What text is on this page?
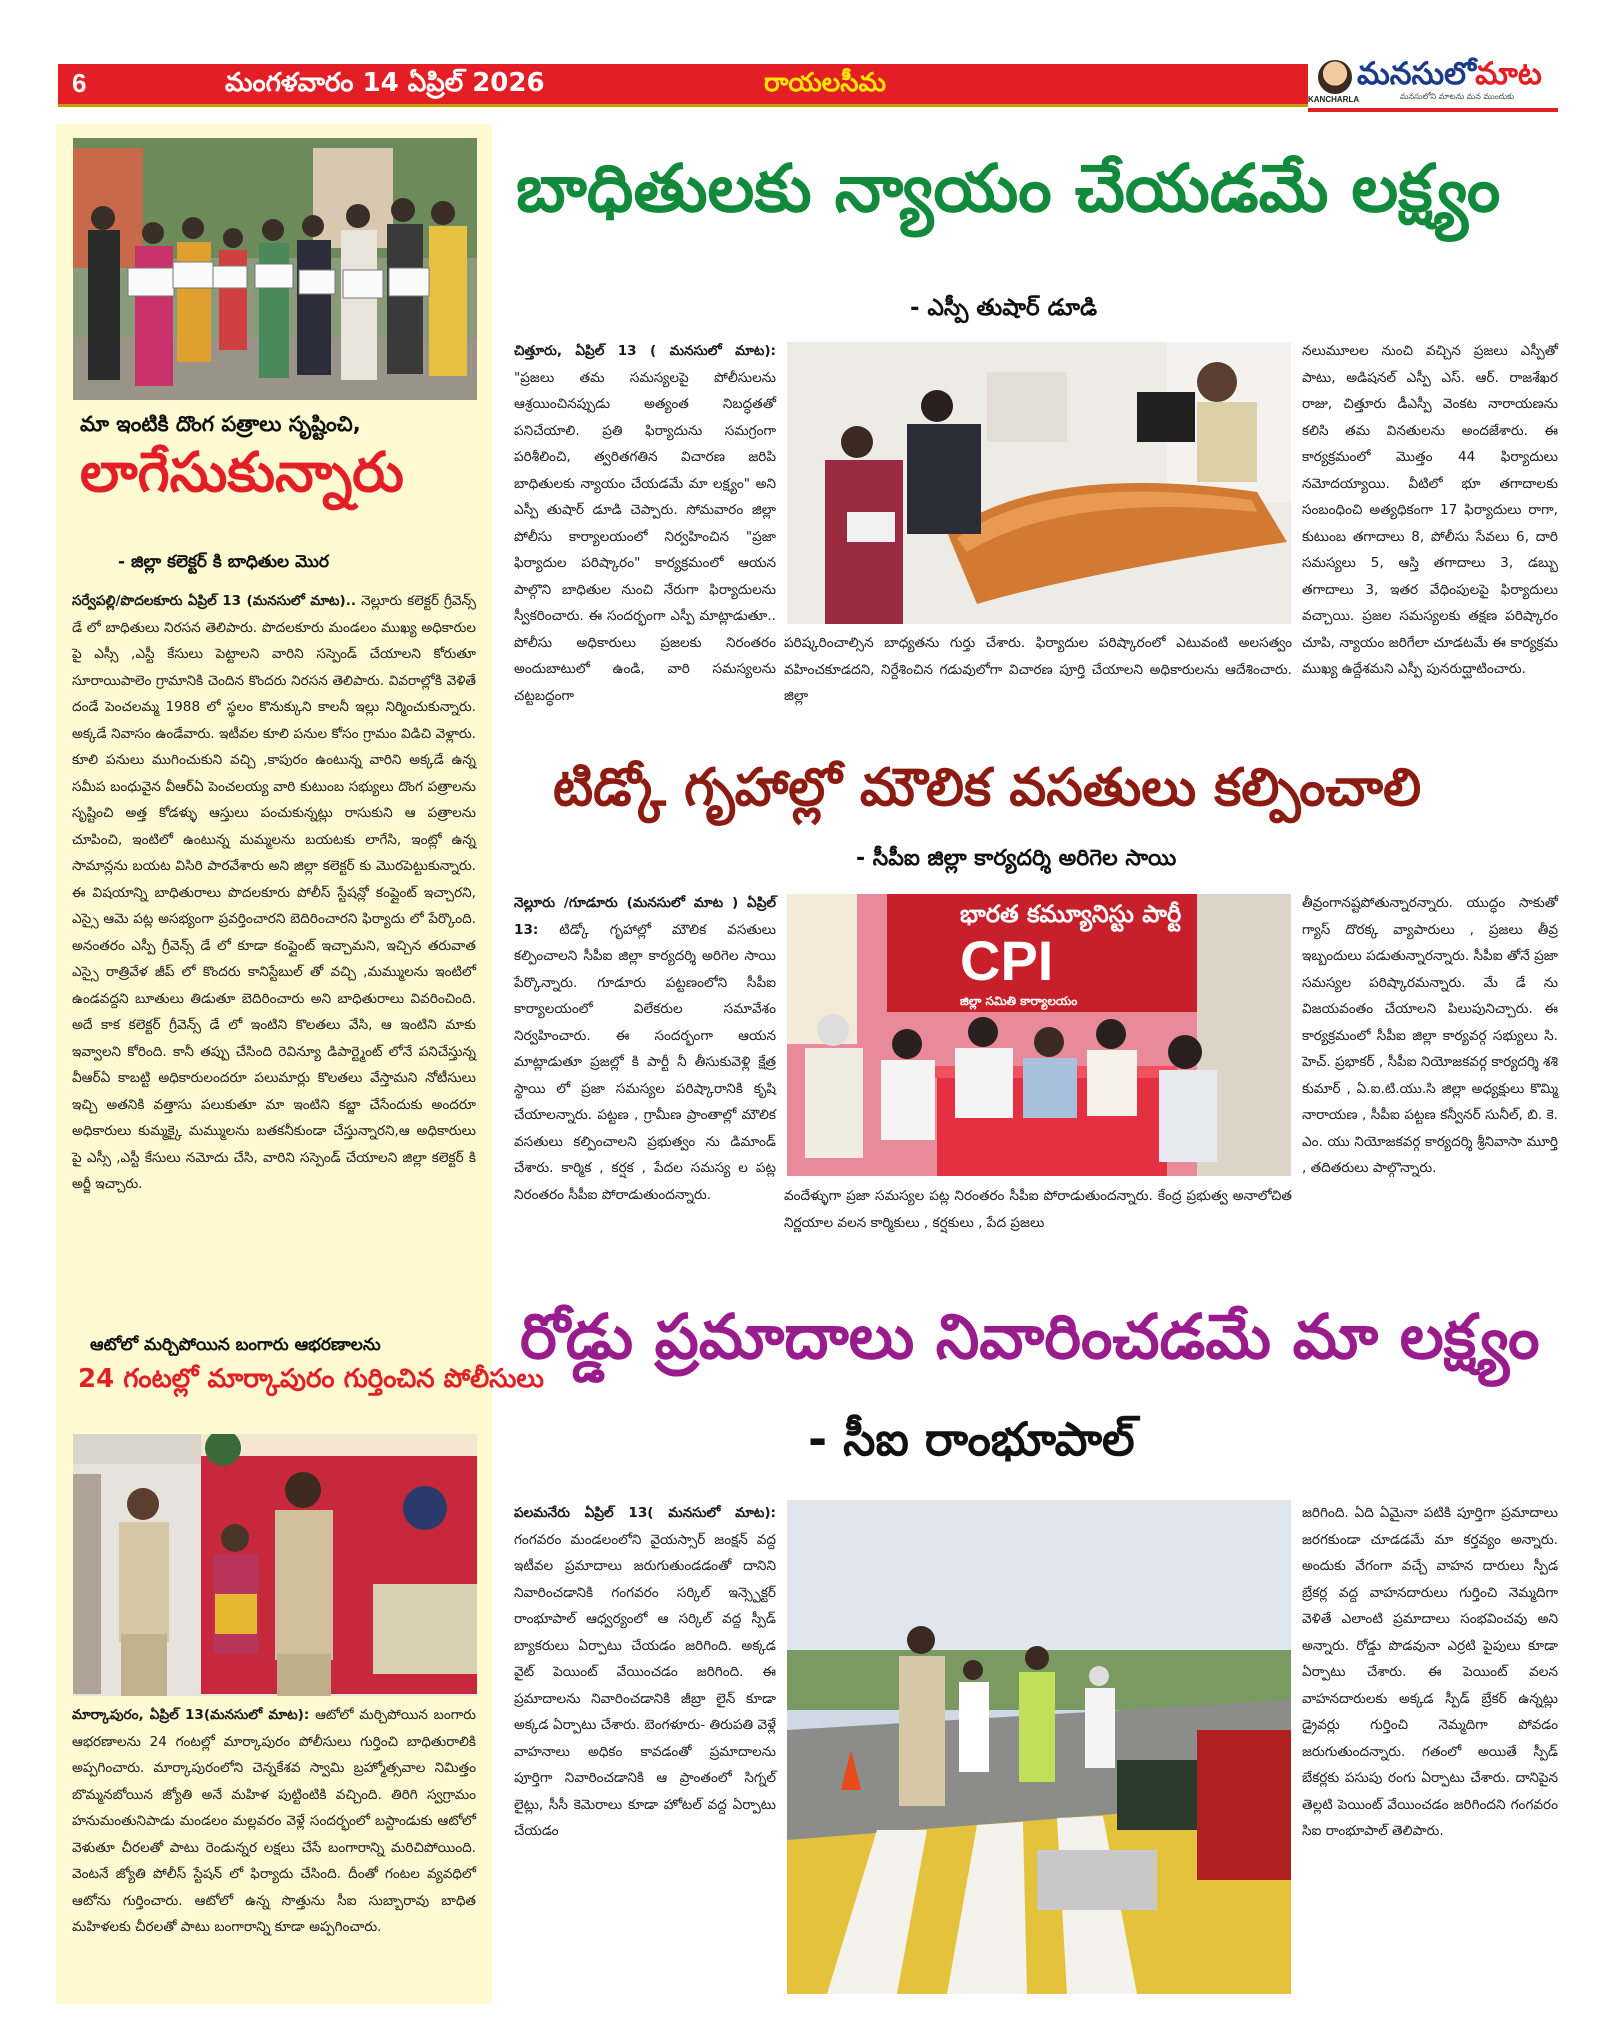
6	మంగళవారం 14 ఏప్రిల్ 2026	రాయలసీమ
KANCHARLA
మనసులోమాట
మనసులోని మాటను మన ముందుకు
మా ఇంటికి దొంగ పత్రాలు సృష్టించి,
లాగేసుకున్నారు
- జిల్లా కలెక్టర్ కి బాధితుల మొర
సర్వేపల్లి/పొదలకూరు ఏప్రిల్ 13 (మనసులో మాట).. నెల్లూరు కలెక్టర్ గ్రీవెన్స్ డే లో బాధితులు నిరసన తెలిపారు. పొదలకూరు మండలం ముఖ్య అధికారుల పై ఎస్సీ ,ఎస్టీ కేసులు పెట్టాలని వారిని సస్పెండ్ చేయాలని కోరుతూ సూరాయిపాలెం గ్రామానికి చెందిన కొందరు నిరసన తెలిపారు. వివరాల్లోకి వెళితే దండే పెంచలమ్మ 1988 లో స్థలం కొనుక్కుని కాలనీ ఇల్లు నిర్మించుకున్నారు. అక్కడే నివాసం ఉండేవారు. ఇటీవల కూలి పనుల కోసం గ్రామం విడిచి వెళ్లారు. కూలి పనులు ముగించుకుని వచ్చి ,కాపురం ఉంటున్న వారిని అక్కడే ఉన్న సమీప బంధువైన వీఆర్ఏ పెంచలయ్య వారి కుటుంబ సభ్యులు దొంగ పత్రాలను సృష్టించి అత్త కోడళ్ళు ఆస్తులు పంచుకున్నట్లు రాసుకుని ఆ పత్రాలను చూపించి, ఇంటిలో ఉంటున్న మమ్మలను బయటకు లాగేసి, ఇంట్లో ఉన్న సామాన్లను బయట విసిరి పారవేశారు అని జిల్లా కలెక్టర్ కు మొరపెట్టుకున్నారు. ఈ విషయాన్ని బాధితురాలు పొదలకూరు పోలీస్ స్టేషన్లో కంప్లైంట్ ఇచ్చారని, ఎస్సై ఆమె పట్ల అసభ్యంగా ప్రవర్తించారని బెదిరించారని ఫిర్యాదు లో పేర్కొంది. అనంతరం ఎస్పీ గ్రీవెన్స్ డే లో కూడా కంప్లైంట్ ఇచ్చామని, ఇచ్చిన తరువాత ఎస్సై రాత్రివేళ జీప్ లో కొందరు కానిస్టేబుల్ తో వచ్చి ,మమ్ములను ఇంటిలో ఉండవద్దని బూతులు తిడుతూ బెదిరించారు అని బాధితురాలు వివరించింది. అదే కాక కలెక్టర్ గ్రీవెన్స్ డే లో ఇంటిని కొలతలు వేసి, ఆ ఇంటిని మాకు ఇవ్వాలని కోరింది. కానీ తప్పు చేసింది రెవిన్యూ డిపార్ట్మెంట్ లోనే పనిచేస్తున్న వీఆర్ఏ కాబట్టి అధికారులందరూ పలుమార్లు కొలతలు వేస్తామని నోటీసులు ఇచ్చి అతనికి వత్తాసు పలుకుతూ మా ఇంటిని కబ్జా చేసేందుకు అందరూ అధికారులు కుమ్మక్కై మమ్ములను బతకనీకుండా చేస్తున్నారని,ఆ అధికారులు పై ఎస్సీ ,ఎస్టీ కేసులు నమోదు చేసి, వారిని సస్పెండ్ చేయాలని జిల్లా కలెక్టర్ కి అర్జీ ఇచ్చారు.
ఆటోలో మర్చిపోయిన బంగారు ఆభరణాలను
24 గంటల్లో మార్కాపురం గుర్తించిన పోలీసులు
మార్కాపురం, ఏప్రిల్ 13(మనసులో మాట): ఆటోలో మర్చిపోయిన బంగారు ఆభరణాలను 24 గంటల్లో మార్కాపురం పోలీసులు గుర్తించి బాధితురాలికి అప్పగించారు. మార్కాపురంలోని చెన్నకేశవ స్వామి బ్రహ్మోత్సవాల నిమిత్తం బొమ్మనబోయిన జ్యోతి అనే మహిళ పుట్టింటికి వచ్చింది. తిరిగి స్వగ్రామం హనుమంతునిపాడు మండలం మల్లవరం వెళ్లే సందర్భంలో బస్టాండుకు ఆటోలో వెళుతూ చీరలతో పాటు రెండున్నర లక్షలు చేసే బంగారాన్ని మరిచిపోయింది. వెంటనే జ్యోతి పోలీస్ స్టేషన్ లో ఫిర్యాదు చేసింది. దీంతో గంటల వ్యవధిలో ఆటోను గుర్తించారు. ఆటోలో ఉన్న సొత్తును సీఐ సుబ్బారావు బాధిత మహిళలకు చీరలతో పాటు బంగారాన్ని కూడా అప్పగించారు.
బాధితులకు న్యాయం చేయడమే లక్ష్యం
- ఎస్పీ తుషార్ డూడి
చిత్తూరు, ఏప్రిల్ 13 ( మనసులో మాట): "ప్రజలు తమ సమస్యలపై పోలీసులను ఆశ్రయించినప్పుడు అత్యంత నిబద్ధతతో పనిచేయాలి. ప్రతి ఫిర్యాదును సమగ్రంగా పరిశీలించి, త్వరితగతిన విచారణ జరిపి బాధితులకు న్యాయం చేయడమే మా లక్ష్యం" అని ఎస్పీ తుషార్ డూడి చెప్పారు. సోమవారం జిల్లా పోలీసు కార్యాలయంలో నిర్వహించిన "ప్రజా ఫిర్యాదుల పరిష్కారం" కార్యక్రమంలో ఆయన పాల్గొని బాధితుల నుంచి నేరుగా ఫిర్యాదులను స్వీకరించారు. ఈ సందర్భంగా ఎస్పీ మాట్లాడుతూ.. పోలీసు అధికారులు ప్రజలకు నిరంతరం అందుబాటులో ఉండి, వారి సమస్యలను చట్టబద్ధంగా
పరిష్కరించాల్సిన బాధ్యతను గుర్తు చేశారు. ఫిర్యాదుల పరిష్కారంలో ఎటువంటి అలసత్వం వహించకూడదని, నిర్దేశించిన గడువులోగా విచారణ పూర్తి చేయాలని అధికారులను ఆదేశించారు. జిల్లా
నలుమూలల నుంచి వచ్చిన ప్రజలు ఎస్పీతో పాటు, అడిషనల్ ఎస్పీ ఎస్. ఆర్. రాజశేఖర రాజు, చిత్తూరు డీఎస్పీ వెంకట నారాయణను కలిసి తమ వినతులను అందజేశారు. ఈ కార్యక్రమంలో మొత్తం 44 ఫిర్యాదులు నమోదయ్యాయి. వీటిలో భూ తగాదాలకు సంబంధించి అత్యధికంగా 17 ఫిర్యాదులు రాగా, కుటుంబ తగాదాలు 8, పోలీసు సేవలు 6, దారి సమస్యలు 5, ఆస్తి తగాదాలు 3, డబ్బు తగాదాలు 3, ఇతర వేధింపులపై ఫిర్యాదులు వచ్చాయి. ప్రజల సమస్యలకు తక్షణ పరిష్కారం చూపి, న్యాయం జరిగేలా చూడటమే ఈ కార్యక్రమ ముఖ్య ఉద్దేశమని ఎస్పీ పునరుద్ఘాటించారు.
టిడ్కో గృహాల్లో మౌలిక వసతులు కల్పించాలి
- సీపీఐ జిల్లా కార్యదర్శి అరిగెల సాయి
నెల్లూరు /గూడూరు (మనసులో మాట ) ఏప్రిల్ 13: టిడ్కో గృహాల్లో మౌలిక వసతులు కల్పించాలని సీపీఐ జిల్లా కార్యదర్శి అరిగెల సాయి పేర్కొన్నారు. గూడూరు పట్టణంలోని సీపీఐ కార్యాలయంలో విలేకరుల సమావేశం నిర్వహించారు. ఈ సందర్భంగా ఆయన మాట్లాడుతూ ప్రజల్లో కి పార్టీ నీ తీసుకువెళ్లి క్షేత్ర స్థాయి లో ప్రజా సమస్యల పరిష్కారానికి కృషి చేయాలన్నారు. పట్టణ , గ్రామీణ ప్రాంతాల్లో మౌలిక వసతులు కల్పించాలని ప్రభుత్వం ను డిమాండ్ చేశారు. కార్మిక , కర్షక , పేదల సమస్య ల పట్ల నిరంతరం సీపీఐ పోరాడుతుందన్నారు.
భారత కమ్యూనిస్టు పార్టీ
CPI
జిల్లా సమితి కార్యాలయం
వందేళ్ళుగా ప్రజా సమస్యల పట్ల నిరంతరం సీపీఐ పోరాడుతుందన్నారు. కేంద్ర ప్రభుత్వ అనాలోచిత నిర్ణయాల వలన కార్మికులు , కర్షకులు , పేద ప్రజలు
తీవ్రంగానష్టపోతున్నారన్నారు. యుద్ధం సాకుతో గ్యాస్ దొరక్క వ్యాపారులు , ప్రజలు తీవ్ర ఇబ్బందులు పడుతున్నారన్నారు. సీపీఐ తోనే ప్రజా సమస్యల పరిష్కారమన్నారు. మే డే ను విజయవంతం చేయాలని పిలుపునిచ్చారు. ఈ కార్యక్రమంలో సీపీఐ జిల్లా కార్యవర్గ సభ్యులు సి. హెచ్. ప్రభాకర్ , సీపీఐ నియోజకవర్గ కార్యదర్శి శశి కుమార్ , ఏ.ఐ.టి.యు.సి జిల్లా అధ్యక్షులు కొమ్మి నారాయణ , సీపీఐ పట్టణ కన్వీనర్ సునీల్, బి. కె. ఎం. యు నియోజకవర్గ కార్యదర్శి శ్రీనివాసా మూర్తి , తదితరులు పాల్గొన్నారు.
రోడ్డు ప్రమాదాలు నివారించడమే మా లక్ష్యం
- సీఐ రాంభూపాల్
పలమనేరు ఏప్రిల్ 13( మనసులో మాట): గంగవరం మండలంలోని వైయస్సార్ జంక్షన్ వద్ద ఇటీవల ప్రమాదాలు జరుగుతుండడంతో దానిని నివారించడానికి గంగవరం సర్కిల్ ఇన్స్పెక్టర్ రాంభూపాల్ ఆధ్వర్యంలో ఆ సర్కిల్ వద్ద స్పీడ్ బ్యాకరులు ఏర్పాటు చేయడం జరిగింది. అక్కడ వైట్ పెయింట్ వేయించడం జరిగింది. ఈ ప్రమాదాలను నివారించడానికి జీబ్రా లైన్ కూడా అక్కడ ఏర్పాటు చేశారు. బెంగళూరు- తిరుపతి వెళ్లే వాహనాలు అధికం కావడంతో ప్రమాదాలను పూర్తిగా నివారించడానికి ఆ ప్రాంతంలో సిగ్నల్ లైట్లు, సీసీ కెమెరాలు కూడా హోటల్ వద్ద ఏర్పాటు చేయడం
జరిగింది. ఏది ఏమైనా పటికి పూర్తిగా ప్రమాదాలు జరగకుండా చూడడమే మా కర్తవ్యం అన్నారు. అందుకు వేగంగా వచ్చే వాహన దారులు స్పీడ బ్రేకర్ల వద్ద వాహనదారులు గుర్తించి నెమ్మదిగా వెళితే ఎలాంటి ప్రమాదాలు సంభవించవు అని అన్నారు. రోడ్డు పొడవునా ఎర్రటి పైపులు కూడా ఏర్పాటు చేశారు. ఈ పెయింట్ వలన వాహనదారులకు అక్కడ స్పీడ్ బ్రేకర్ ఉన్నట్లు డ్రైవర్లు గుర్తించి నెమ్మదిగా పోవడం జరుగుతుందన్నారు. గతంలో అయితే స్పీడ్ బేకర్లకు పసుపు రంగు ఏర్పాటు చేశారు. దానిపైన తెల్లటి పెయింట్ వేయించడం జరిగిందని గంగవరం సిఐ రాంభూపాల్ తెలిపారు.
